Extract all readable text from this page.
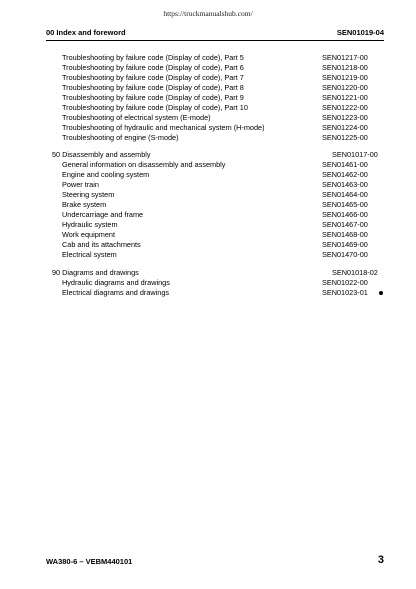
https://truckmanualshub.com/
00 Index and foreword	SEN01019-04
Troubleshooting by failure code (Display of code), Part 5	SEN01217-00
Troubleshooting by failure code (Display of code), Part 6	SEN01218-00
Troubleshooting by failure code (Display of code), Part 7	SEN01219-00
Troubleshooting by failure code (Display of code), Part 8	SEN01220-00
Troubleshooting by failure code (Display of code), Part 9	SEN01221-00
Troubleshooting by failure code (Display of code), Part 10	SEN01222-00
Troubleshooting of electrical system (E-mode)	SEN01223-00
Troubleshooting of hydraulic and mechanical system (H-mode)	SEN01224-00
Troubleshooting of engine (S-mode)	SEN01225-00
50 Disassembly and assembly	SEN01017-00
General information on disassembly and assembly	SEN01461-00
Engine and cooling system	SEN01462-00
Power train	SEN01463-00
Steering system	SEN01464-00
Brake system	SEN01465-00
Undercarriage and frame	SEN01466-00
Hydraulic system	SEN01467-00
Work equipment	SEN01468-00
Cab and its attachments	SEN01469-00
Electrical system	SEN01470-00
90 Diagrams and drawings	SEN01018-02
Hydraulic diagrams and drawings	SEN01022-00
Electrical diagrams and drawings	SEN01023-01
WA380-6 – VEBM440101	3
